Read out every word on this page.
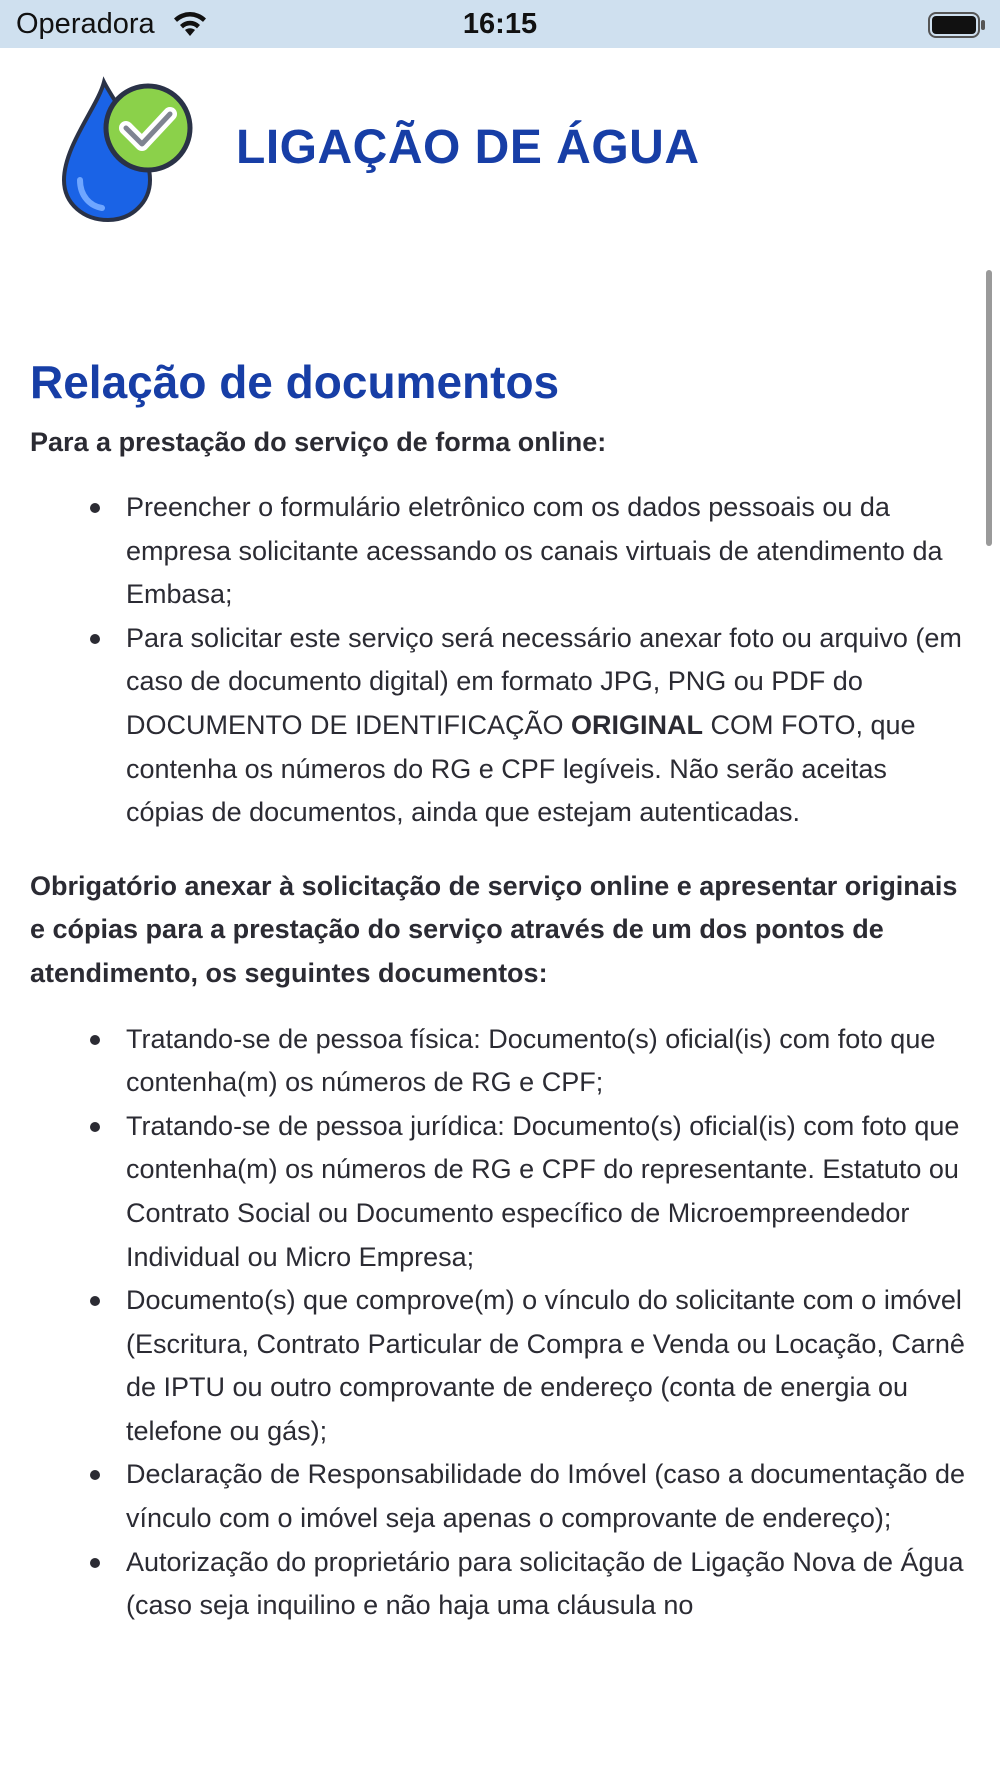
Operadora	16:15
LIGAÇÃO DE ÁGUA
Relação de documentos

Para a prestação do serviço de forma online:

Preencher o formulário eletrônico com os dados pessoais ou da empresa solicitante acessando os canais virtuais de atendimento da Embasa;
Para solicitar este serviço será necessário anexar foto ou arquivo (em caso de documento digital) em formato JPG, PNG ou PDF do DOCUMENTO DE IDENTIFICAÇÃO ORIGINAL COM FOTO, que contenha os números do RG e CPF legíveis. Não serão aceitas cópias de documentos, ainda que estejam autenticadas.

Obrigatório anexar à solicitação de serviço online e apresentar originais e cópias para a prestação do serviço através de um dos pontos de atendimento, os seguintes documentos:

Tratando-se de pessoa física: Documento(s) oficial(is) com foto que contenha(m) os números de RG e CPF;
Tratando-se de pessoa jurídica: Documento(s) oficial(is) com foto que contenha(m) os números de RG e CPF do representante. Estatuto ou Contrato Social ou Documento específico de Microempreendedor Individual ou Micro Empresa;
Documento(s) que comprove(m) o vínculo do solicitante com o imóvel (Escritura, Contrato Particular de Compra e Venda ou Locação, Carnê de IPTU ou outro comprovante de endereço (conta de energia ou telefone ou gás);
Declaração de Responsabilidade do Imóvel (caso a documentação de vínculo com o imóvel seja apenas o comprovante de endereço);
Autorização do proprietário para solicitação de Ligação Nova de Água (caso seja inquilino e não haja uma cláusula no
